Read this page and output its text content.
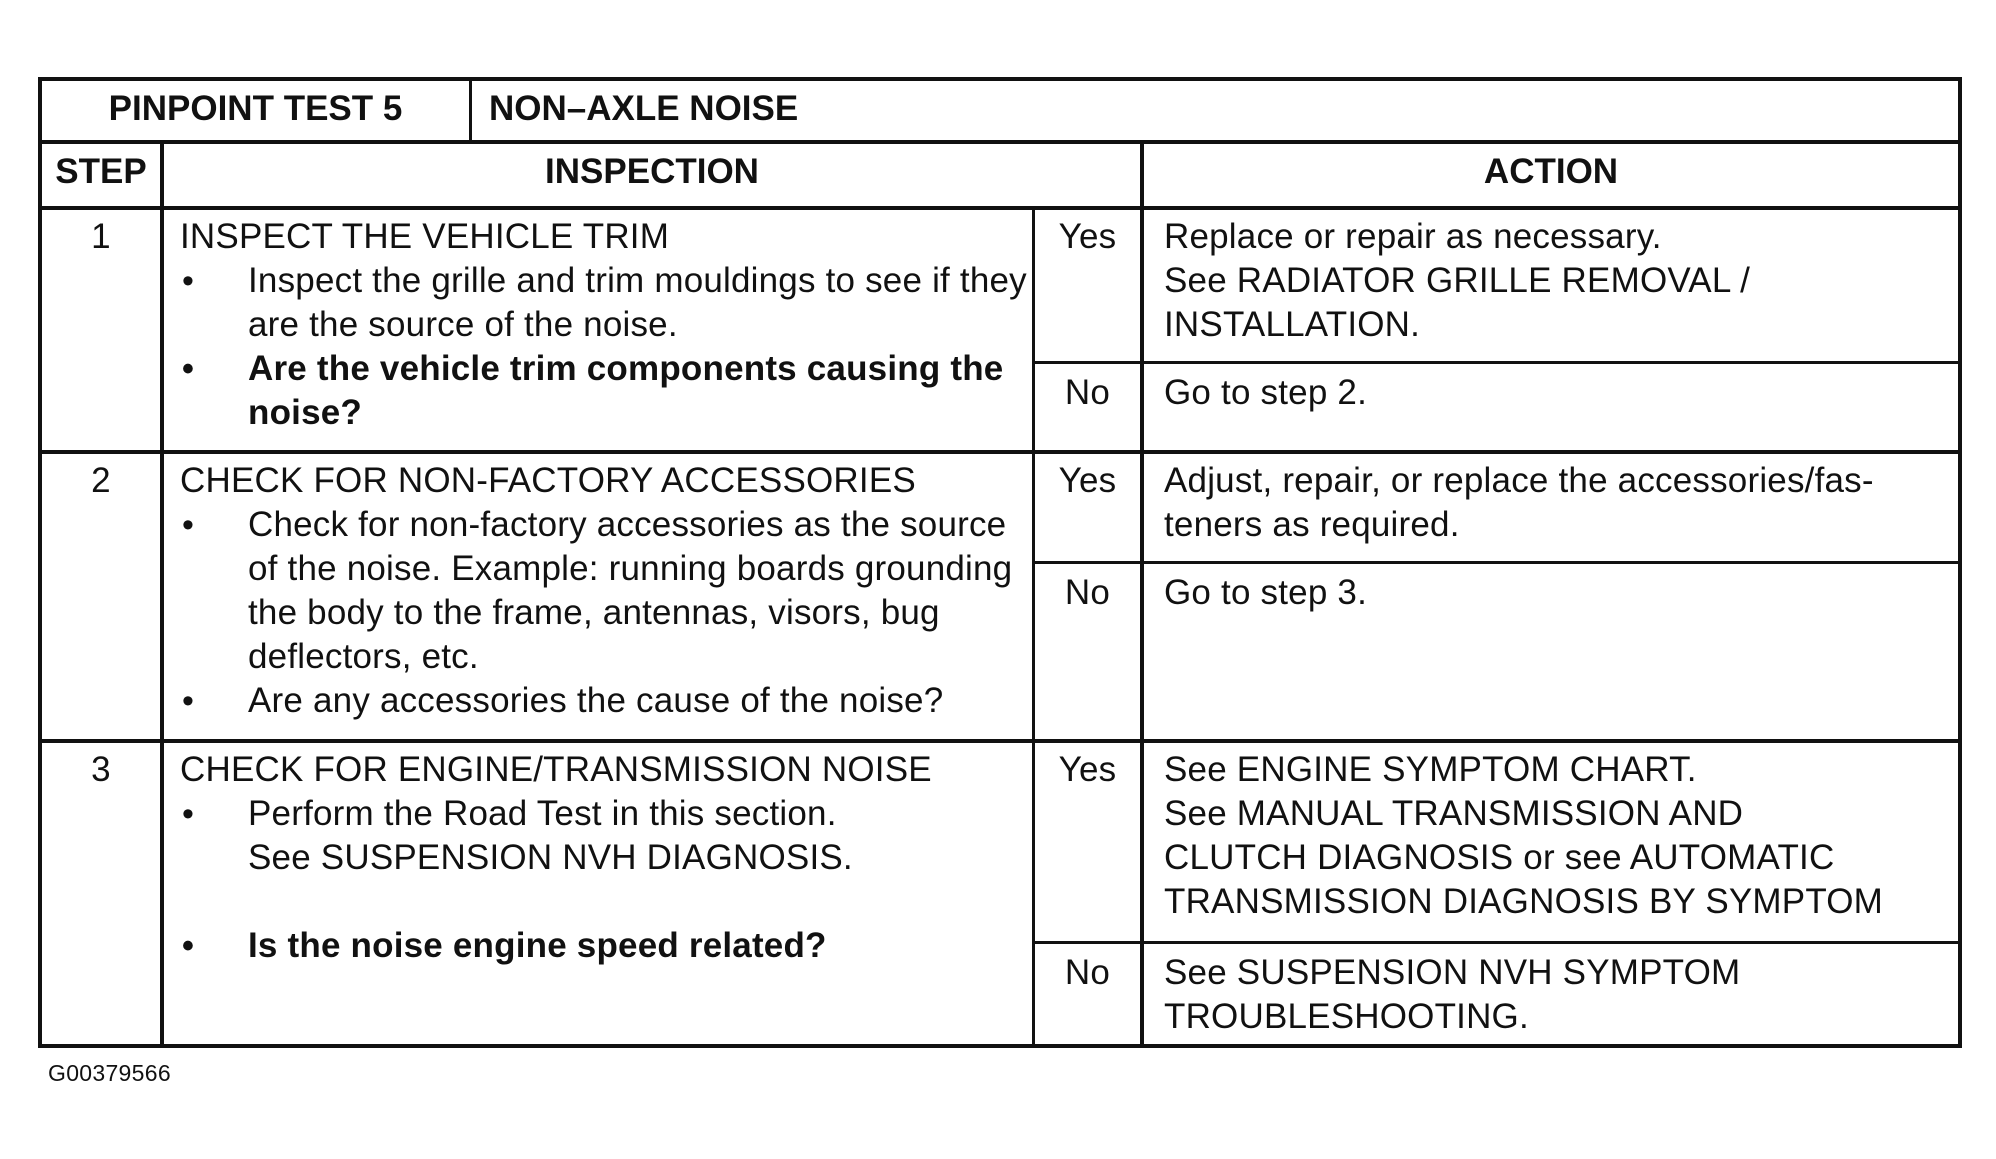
PINPOINT TEST 5	NON–AXLE NOISE
STEP	INSPECTION	ACTION
1	INSPECT THE VEHICLE TRIM
• Inspect the grille and trim mouldings to see if they are the source of the noise.
• Are the vehicle trim components causing the noise?
Yes	Replace or repair as necessary.
See RADIATOR GRILLE REMOVAL /
INSTALLATION.
No	Go to step 2.
2	CHECK FOR NON-FACTORY ACCESSORIES
• Check for non-factory accessories as the source of the noise. Example: running boards grounding the body to the frame, antennas, visors, bug deflectors, etc.
• Are any accessories the cause of the noise?
Yes	Adjust, repair, or replace the accessories/fas-
teners as required.
No	Go to step 3.
3	CHECK FOR ENGINE/TRANSMISSION NOISE
• Perform the Road Test in this section.
See SUSPENSION NVH DIAGNOSIS.
• Is the noise engine speed related?
Yes	See ENGINE SYMPTOM CHART.
See MANUAL TRANSMISSION AND
CLUTCH DIAGNOSIS or see AUTOMATIC
TRANSMISSION DIAGNOSIS BY SYMPTOM
No	See SUSPENSION NVH SYMPTOM
TROUBLESHOOTING.
G00379566
